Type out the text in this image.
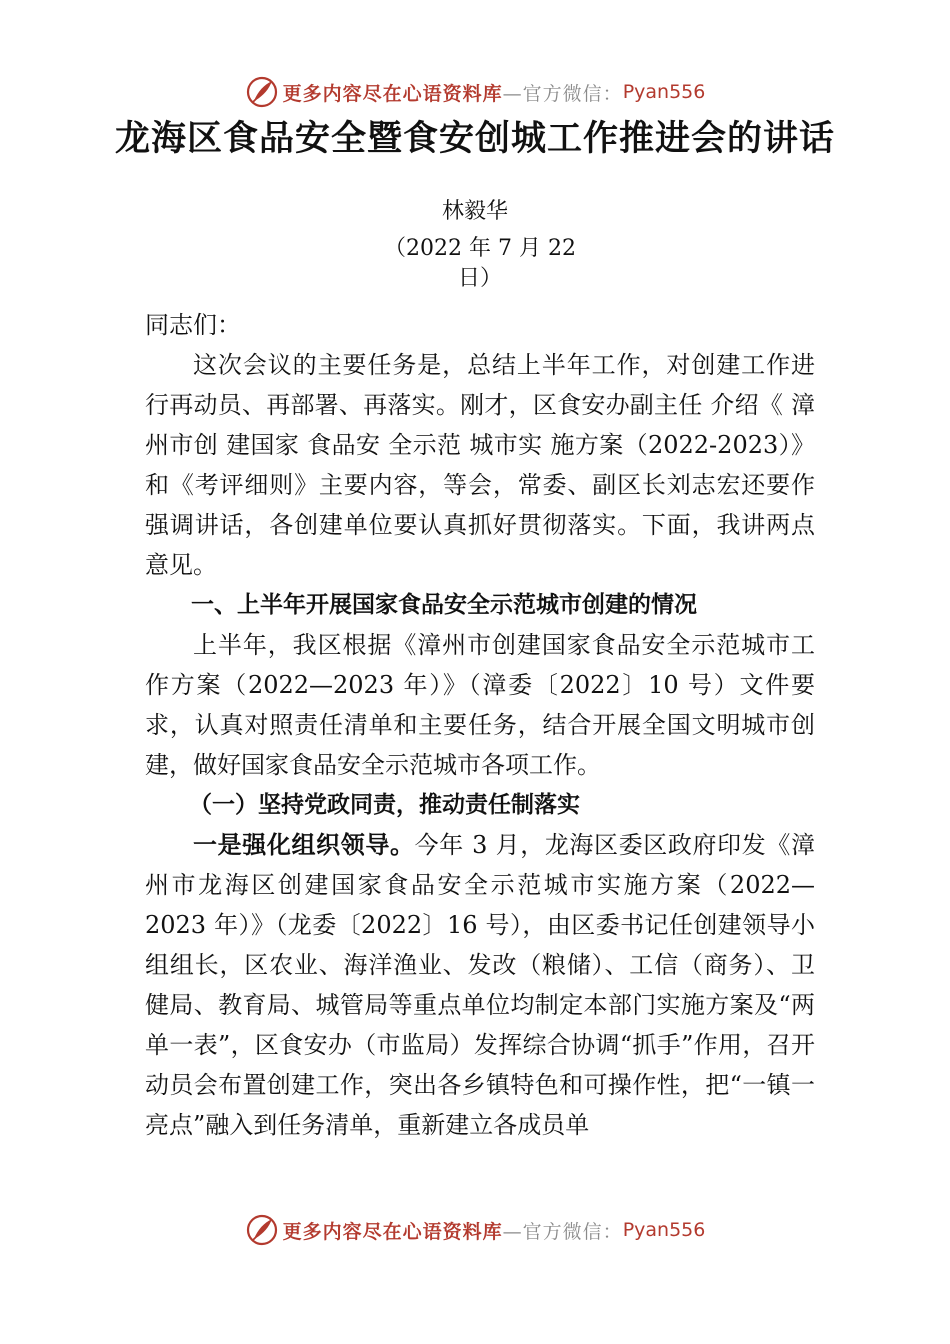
更多内容尽在心语资料库 —官方微信： Pyan556
龙海区食品安全暨食安创城工作推进会的讲话
林毅华
（2022 年 7 月 22 日）

同志们：

这次会议的主要任务是，总结上半年工作，对创建工作进行再动员、再部署、再落实。刚才，区食安办副主任 介绍《 漳 州市创 建国家 食品安 全示范 城市实 施方案（2022-2023）》和《考评细则》主要内容，等会，常委、副区长刘志宏还要作强调讲话，各创建单位要认真抓好贯彻落实。下面，我讲两点意见。

一、上半年开展国家食品安全示范城市创建的情况

上半年，我区根据《漳州市创建国家食品安全示范城市工作方案（2022—2023 年）》（漳委〔2022〕10 号）文件要求，认真对照责任清单和主要任务，结合开展全国文明城市创建，做好国家食品安全示范城市各项工作。

（一）坚持党政同责，推动责任制落实

一是强化组织领导。今年 3 月，龙海区委区政府印发《漳州市龙海区创建国家食品安全示范城市实施方案（2022—2023 年）》（龙委〔2022〕16 号），由区委书记任创建领导小组组长，区农业、海洋渔业、发改（粮储）、工信（商务）、卫健局、教育局、城管局等重点单位均制定本部门实施方案及“两单一表”，区食安办（市监局）发挥综合协调“抓手”作用，召开动员会布置创建工作，突出各乡镇特色和可操作性，把“一镇一亮点”融入到任务清单，重新建立各成员单

更多内容尽在心语资料库 —官方微信： Pyan556
